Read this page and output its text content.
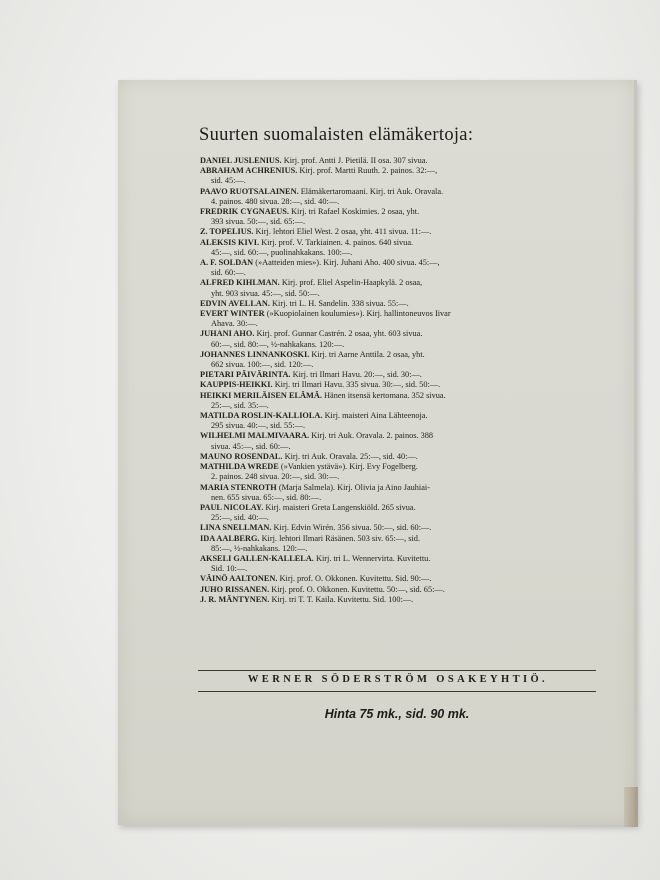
Suurten suomalaisten elämäkertoja:
DANIEL JUSLENIUS. Kirj. prof. Antti J. Pietilä. II osa. 307 sivua.
ABRAHAM ACHRENIUS. Kirj. prof. Martti Ruuth. 2. painos. 32:—,
sid. 45:—.
PAAVO RUOTSALAINEN. Elämäkertaromaani. Kirj. tri Auk. Oravala.
4. painos. 480 sivua. 28:—, sid. 40:—.
FREDRIK CYGNAEUS. Kirj. tri Rafael Koskimies. 2 osaa, yht.
393 sivua. 50:—, sid. 65:—.
Z. TOPELIUS. Kirj. lehtori Eliel West. 2 osaa, yht. 411 sivua. 11:—.
ALEKSIS KIVI. Kirj. prof. V. Tarkiainen. 4. painos. 640 sivua.
45:—, sid. 60:—, puolinahkakans. 100:—.
A. F. SOLDAN (»Aatteiden mies»). Kirj. Juhani Aho. 400 sivua. 45:—,
sid. 60:—.
ALFRED KIHLMAN. Kirj. prof. Eliel Aspelin-Haapkylä. 2 osaa,
yht. 903 sivua. 45:—, sid. 50:—.
EDVIN AVELLAN. Kirj. tri L. H. Sandelin. 338 sivua. 55:—.
EVERT WINTER (»Kuopiolainen koulumies»). Kirj. hallintoneuvos Iivar
Ahava. 30:—.
JUHANI AHO. Kirj. prof. Gunnar Castrén. 2 osaa, yht. 603 sivua.
60:—, sid. 80:—, ½-nahkakans. 120:—.
JOHANNES LINNANKOSKI. Kirj. tri Aarne Anttila. 2 osaa, yht.
662 sivua. 100:—, sid. 120:—.
PIETARI PÄIVÄRINTA. Kirj. tri Ilmari Havu. 20:—, sid. 30:—.
KAUPPIS-HEIKKI. Kirj. tri Ilmari Havu. 335 sivua. 30:—, sid. 50:—.
HEIKKI MERILÄISEN ELÄMÄ. Hänen itsensä kertomana. 352 sivua.
25:—, sid. 35:—.
MATILDA ROSLIN-KALLIOLA. Kirj. maisteri Aina Lähteenoja.
295 sivua. 40:—, sid. 55:—.
WILHELMI MALMIVAARA. Kirj. tri Auk. Oravala. 2. painos. 388
sivua. 45:—, sid. 60:—.
MAUNO ROSENDAL. Kirj. tri Auk. Oravala. 25:—, sid. 40:—.
MATHILDA WREDE (»Vankien ystävä»). Kirj. Evy Fogelberg.
2. painos. 248 sivua. 20:—, sid. 30:—.
MARIA STENROTH (Marja Salmela). Kirj. Olivia ja Aino Jauhiai-
nen. 655 sivua. 65:—, sid. 80:—.
PAUL NICOLAY. Kirj. maisteri Greta Langenskiöld. 265 sivua.
25:—, sid. 40:—.
LINA SNELLMAN. Kirj. Edvin Wirén. 356 sivua. 50:—, sid. 60:—.
IDA AALBERG. Kirj. lehtori Ilmari Räsänen. 503 siv. 65:—, sid.
85:—, ½-nahkakans. 120:—.
AKSELI GALLEN-KALLELA. Kirj. tri L. Wennervirta. Kuvitettu.
Sid. 10:—.
VÄINÖ AALTONEN. Kirj. prof. O. Okkonen. Kuvitettu. Sid. 90:—.
JUHO RISSANEN. Kirj. prof. O. Okkonen. Kuvitettu. 50:—, sid. 65:—.
J. R. MÄNTYNEN. Kirj. tri T. T. Kaila. Kuvitettu. Sid. 100:—.
WERNER SÖDERSTRÖM OSAKEYHTIÖ.
Hinta 75 mk., sid. 90 mk.
